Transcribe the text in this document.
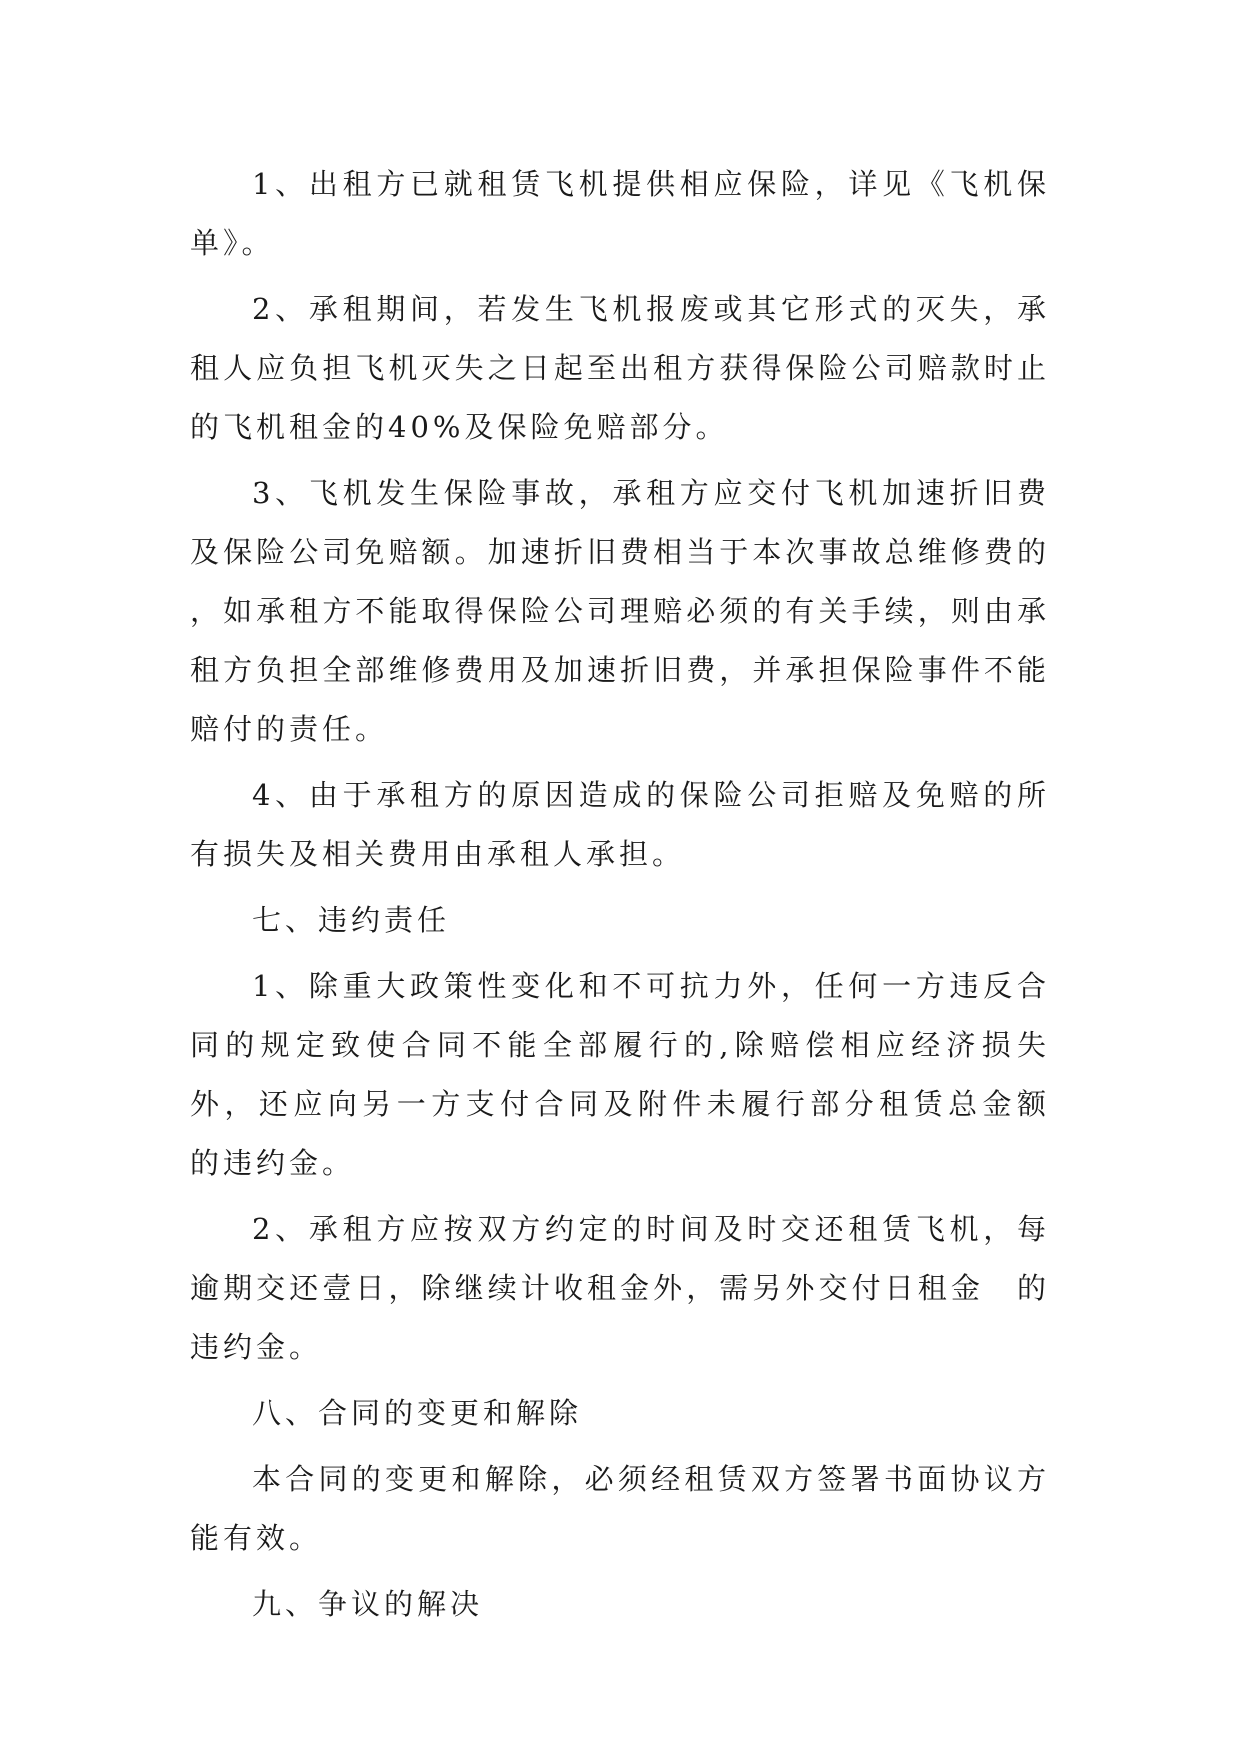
1、出租方已就租赁飞机提供相应保险，详见《飞机保单》。

2、承租期间，若发生飞机报废或其它形式的灭失，承租人应负担飞机灭失之日起至出租方获得保险公司赔款时止的飞机租金的40%及保险免赔部分。

3、飞机发生保险事故，承租方应交付飞机加速折旧费及保险公司免赔额。加速折旧费相当于本次事故总维修费的 ，如承租方不能取得保险公司理赔必须的有关手续，则由承租方负担全部维修费用及加速折旧费，并承担保险事件不能赔付的责任。

4、由于承租方的原因造成的保险公司拒赔及免赔的所有损失及相关费用由承租人承担。

七、违约责任

1、除重大政策性变化和不可抗力外，任何一方违反合同的规定致使合同不能全部履行的,除赔偿相应经济损失外，还应向另一方支付合同及附件未履行部分租赁总金额　的违约金。

2、承租方应按双方约定的时间及时交还租赁飞机，每逾期交还壹日，除继续计收租金外，需另外交付日租金　的违约金。

八、合同的变更和解除

本合同的变更和解除，必须经租赁双方签署书面协议方能有效。

九、争议的解决
